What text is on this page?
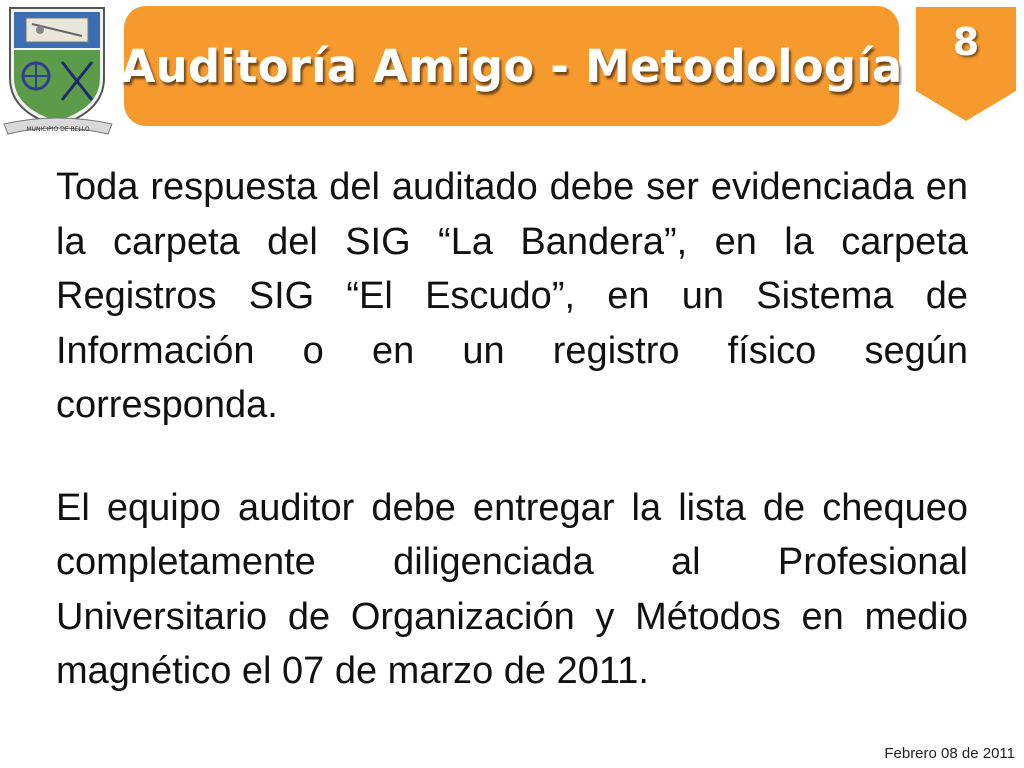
MUNICIPIO DE BELLO
Auditoría Amigo - Metodología	8

Toda respuesta del auditado debe ser evidenciada en la carpeta del SIG “La Bandera”, en la carpeta Registros SIG “El Escudo”, en un Sistema de Información o en un registro físico según corresponda.

El equipo auditor debe entregar la lista de chequeo completamente diligenciada al Profesional Universitario de Organización y Métodos en medio magnético el 07 de marzo de 2011.

Febrero 08 de 2011
